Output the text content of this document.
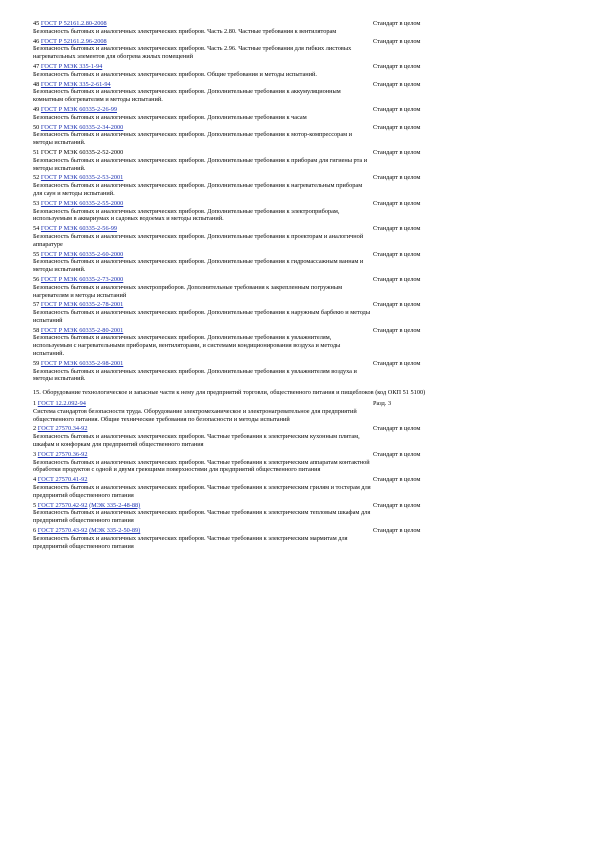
45 ГОСТ Р 52161.2.80-2008
Безопасность бытовых и аналогичных электрических приборов. Часть 2.80. Частные требования к вентиляторам
Стандарт в целом
46 ГОСТ Р 52161.2.96-2008
Безопасность бытовых и аналогичных электрических приборов. Часть 2.96. Частные требования для гибких листовых нагревательных элементов для обогрева жилых помещений
Стандарт в целом
47 ГОСТ Р МЭК 335-1-94
Безопасность бытовых и аналогичных электрических приборов. Общие требования и методы испытаний.
Стандарт в целом
48 ГОСТ Р МЭК 335-2-61-94
Безопасность бытовых и аналогичных электрических приборов. Дополнительные требования к аккумуляционным комнатным обогревателям и методы испытаний.
Стандарт в целом
49 ГОСТ Р МЭК 60335-2-26-99
Безопасность бытовых и аналогичных электрических приборов. Дополнительные требования к часам
Стандарт в целом
50 ГОСТ Р МЭК 60335-2-34-2000
Безопасность бытовых и аналогичных электрических приборов. Дополнительные требования к мотор-компрессорам и методы испытаний.
Стандарт в целом
51 ГОСТ Р МЭК 60335-2-52-2000
Безопасность бытовых и аналогичных электрических приборов. Дополнительные требования к приборам для гигиены рта и методы испытаний.
Стандарт в целом
52 ГОСТ Р МЭК 60335-2-53-2001
Безопасность бытовых и аналогичных электрических приборов. Дополнительные требования к нагревательным приборам для саун и методы испытаний.
Стандарт в целом
53 ГОСТ Р МЭК 60335-2-55-2000
Безопасность бытовых и аналогичных электрических приборов. Дополнительные требования к электроприборам, используемым в аквариумах и садовых водоемах и методы испытаний.
Стандарт в целом
54 ГОСТ Р МЭК 60335-2-56-99
Безопасность бытовых и аналогичных электрических приборов. Дополнительные требования к проекторам и аналогичной аппаратуре
Стандарт в целом
55 ГОСТ Р МЭК 60335-2-60-2000
Безопасность бытовых и аналогичных электрических приборов. Дополнительные требования к гидромассажным ваннам и методы испытаний.
Стандарт в целом
56 ГОСТ Р МЭК 60335-2-73-2000
Безопасность бытовых и аналогичных электроприборов. Дополнительные требования к закрепленным погружным нагревателям и методы испытаний
Стандарт в целом
57 ГОСТ Р МЭК 60335-2-78-2001
Безопасность бытовых и аналогичных электрических приборов. Дополнительные требования к наружным барбекю и методы испытаний
Стандарт в целом
58 ГОСТ Р МЭК 60335-2-80-2001
Безопасность бытовых и аналогичных электрических приборов. Дополнительные требования к увлажнителям, используемым с нагревательными приборами, вентиляторами, и системами кондиционирования воздуха и методы испытаний.
Стандарт в целом
59 ГОСТ Р МЭК 60335-2-98-2001
Безопасность бытовых и аналогичных электрических приборов. Дополнительные требования к увлажнителям воздуха и методы испытаний.
Стандарт в целом
15. Оборудование технологическое и запасные части к нему для предприятий торговли, общественного питания и пищеблоков (код ОКП 51 5100)
1 ГОСТ 12.2.092-94
Система стандартов безопасности труда. Оборудование электромеханическое и электронагревательное для предприятий общественного питания. Общие технические требования по безопасности и методы испытаний
Разд. 3
2 ГОСТ 27570.34-92
Безопасность бытовых и аналогичных электрических приборов. Частные требования к электрическим кухонным плитам, шкафам и конфоркам для предприятий общественного питания
Стандарт в целом
3 ГОСТ 27570.36-92
Безопасность бытовых и аналогичных электрических приборов. Частные требования к электрическим аппаратам контактной обработки продуктов с одной и двумя греющими поверхностями для предприятий общественного питания
Стандарт в целом
4 ГОСТ 27570.41-92
Безопасность бытовых и аналогичных электрических приборов. Частные требования к электрическим грилям и тостерам для предприятий общественного питания
Стандарт в целом
5 ГОСТ 27570.42-92 (МЭК 335-2-48-88)
Безопасность бытовых и аналогичных электрических приборов. Частные требования к электрическим тепловым шкафам для предприятий общественного питания
Стандарт в целом
6 ГОСТ 27570.43-92 (МЭК 335-2-50-89)
Безопасность бытовых и аналогичных электрических приборов. Частные требования к электрическим мармитам для предприятий общественного питания
Стандарт в целом
